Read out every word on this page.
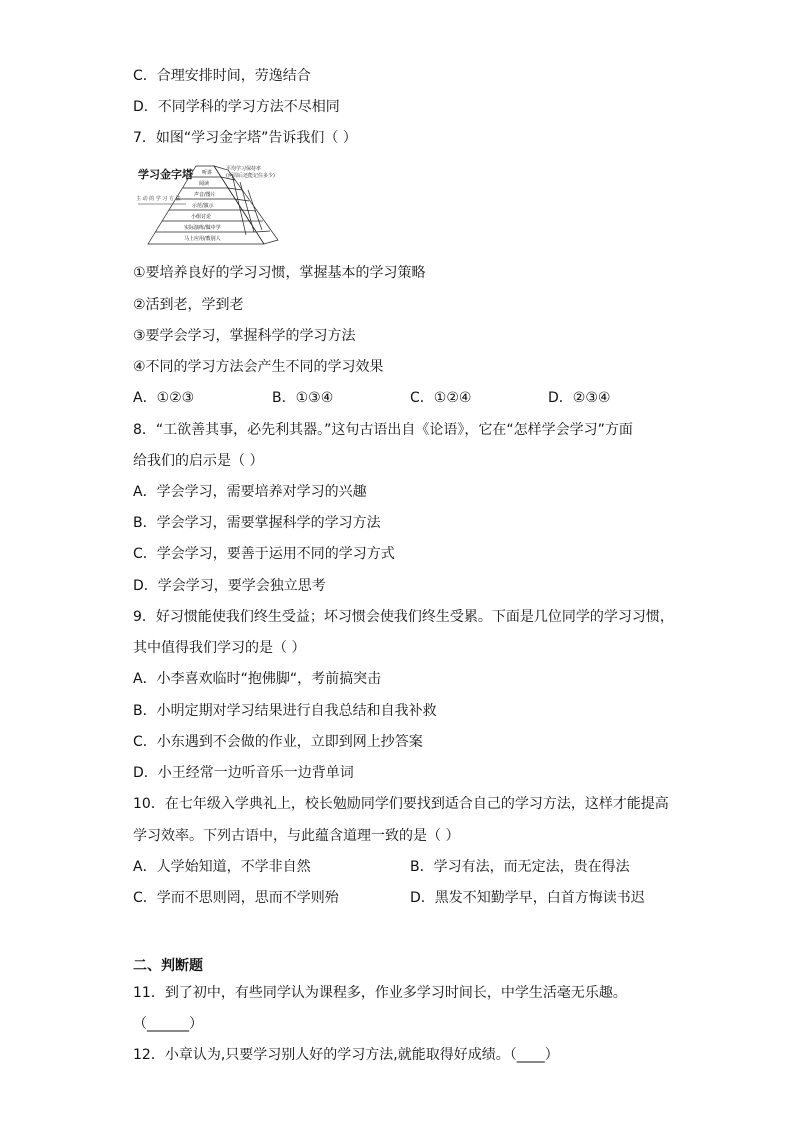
C．合理安排时间，劳逸结合
D．不同学科的学习方法不尽相同
7．如图“学习金字塔”告诉我们（ ）
学习金字塔
主 动 的 学 习 方 法
平均学习保持率
(两周后还能记住多少)
听讲
阅读
声音/图片
示范/演示
小组讨论
实际演练/做中学
马上应用/教别人
①要培养良好的学习习惯，掌握基本的学习策略
②活到老，学到老
③要学会学习，掌握科学的学习方法
④不同的学习方法会产生不同的学习效果
A．①②③	B．①③④	C．①②④	D．②③④
8．“工欲善其事，必先利其器。”这句古语出自《论语》，它在“怎样学会学习”方面
给我们的启示是（ ）
A．学会学习，需要培养对学习的兴趣
B．学会学习，需要掌握科学的学习方法
C．学会学习，要善于运用不同的学习方式
D．学会学习，要学会独立思考
9．好习惯能使我们终生受益；坏习惯会使我们终生受累。下面是几位同学的学习习惯，
其中值得我们学习的是（ ）
A．小李喜欢临时“抱佛脚“，考前搞突击
B．小明定期对学习结果进行自我总结和自我补救
C．小东遇到不会做的作业，立即到网上抄答案
D．小王经常一边听音乐一边背单词
10．在七年级入学典礼上，校长勉励同学们要找到适合自己的学习方法，这样才能提高
学习效率。下列古语中，与此蕴含道理一致的是（ ）
A．人学始知道，不学非自然	B．学习有法，而无定法，贵在得法
C．学而不思则罔，思而不学则殆	D．黑发不知勤学早，白首方悔读书迟
二、判断题
11．到了初中，有些同学认为课程多，作业多学习时间长，中学生活毫无乐趣。
（______）
12．小章认为,只要学习别人好的学习方法,就能取得好成绩。（____）
